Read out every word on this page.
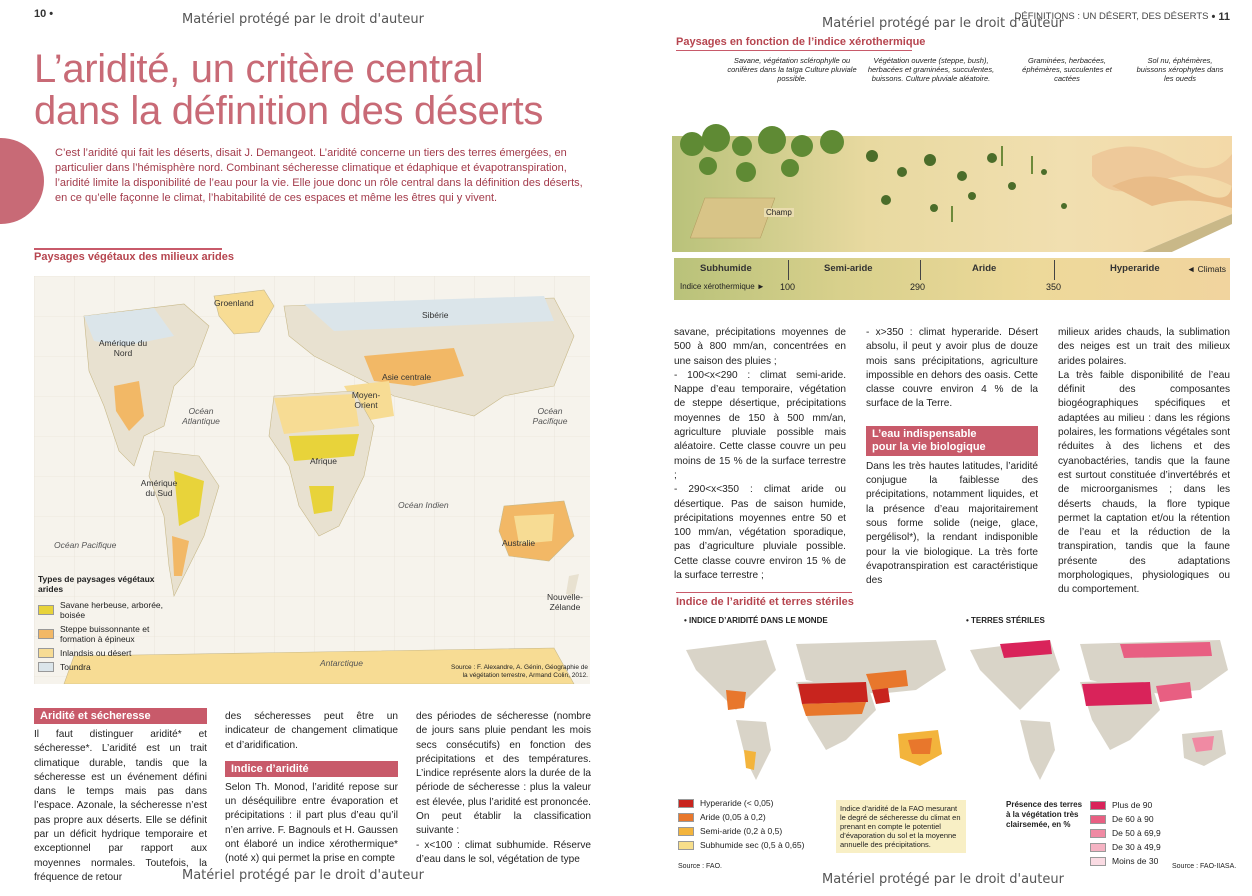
10 •	Matériel protégé par le droit d'auteur
L’aridité, un critère central
dans la définition des déserts
C’est l’aridité qui fait les déserts, disait J. Demangeot. L’aridité concerne un tiers des terres émergées, en particulier dans l’hémisphère nord. Combinant sécheresse climatique et édaphique et évapotranspiration, l’aridité limite la disponibilité de l’eau pour la vie. Elle joue donc un rôle central dans la définition des déserts, en ce qu’elle façonne le climat, l’habitabilité de ces espaces et même les êtres qui y vivent.
Paysages végétaux des milieux arides
Groenland
Sibérie
Amérique du Nord
Asie centrale
Moyen-Orient
Océan Atlantique
Océan Pacifique
Afrique
Amérique du Sud
Océan Indien
Océan Pacifique	Australie
Nouvelle-Zélande
Antarctique
Types de paysages végétaux arides
Savane herbeuse, arborée, boisée
Steppe buissonnante et formation à épineux
Inlandsis ou désert
Toundra	Source : F. Alexandre, A. Génin, Géographie de la végétation terrestre, Armand Colin, 2012.
Aridité et sécheresse
Il faut distinguer aridité* et sécheresse*. L’aridité est un trait climatique durable, tandis que la sécheresse est un événement défini dans le temps mais pas dans l’espace. Azonale, la sécheresse n’est pas propre aux déserts. Elle se définit par un déficit hydrique temporaire et exceptionnel par rapport aux moyennes normales. Toutefois, la fréquence de retour
des sécheresses peut être un indicateur de changement climatique et d’aridification.
Indice d’aridité
Selon Th. Monod, l’aridité repose sur un déséquilibre entre évaporation et précipitations : il part plus d’eau qu’il n’en arrive. F. Bagnouls et H. Gaussen ont élaboré un indice xérothermique* (noté x) qui permet la prise en compte
des périodes de sécheresse (nombre de jours sans pluie pendant les mois secs consécutifs) en fonction des précipitations et des températures. L’indice représente alors la durée de la période de sécheresse : plus la valeur est élevée, plus l’aridité est prononcée. On peut établir la classification suivante :
- x<100 : climat subhumide. Réserve d’eau dans le sol, végétation de type
Matériel protégé par le droit d'auteur
Matériel protégé par le droit d'auteur
DÉFINITIONS : UN DÉSERT, DES DÉSERTS • 11
Paysages en fonction de l’indice xérothermique
Savane, végétation sclérophylle ou conifères dans la taïga Culture pluviale possible.
Végétation ouverte (steppe, bush), herbacées et graminées, succulentes, buissons. Culture pluviale aléatoire.
Graminées, herbacées, éphémères, succulentes et cactées
Sol nu, éphémères, buissons xérophytes dans les oueds
Champ
Subhumide	Semi-aride	Aride	Hyperaride	◄ Climats
Indice xérothermique ► 100	290	350
savane, précipitations moyennes de 500 à 800 mm/an, concentrées en une saison des pluies ;
- 100<x<290 : climat semi-aride. Nappe d’eau temporaire, végétation de steppe désertique, précipitations moyennes de 150 à 500 mm/an, agriculture pluviale possible mais aléatoire. Cette classe couvre un peu moins de 15 % de la surface terrestre ;
- 290<x<350 : climat aride ou désertique. Pas de saison humide, précipitations moyennes entre 50 et 100 mm/an, végétation sporadique, pas d’agriculture pluviale possible. Cette classe couvre environ 15 % de la surface terrestre ;
- x>350 : climat hyperaride. Désert absolu, il peut y avoir plus de douze mois sans précipitations, agriculture impossible en dehors des oasis. Cette classe couvre environ 4 % de la surface de la Terre.
L’eau indispensable
pour la vie biologique
Dans les très hautes latitudes, l’aridité conjugue la faiblesse des précipitations, notamment liquides, et la présence d’eau majoritairement sous forme solide (neige, glace, pergélisol*), la rendant indisponible pour la vie biologique. La très forte évapotranspiration est caractéristique des
milieux arides chauds, la sublimation des neiges est un trait des milieux arides polaires.
La très faible disponibilité de l’eau définit des composantes biogéographiques spécifiques et adaptées au milieu : dans les régions polaires, les formations végétales sont réduites à des lichens et des cyanobactéries, tandis que la faune est surtout constituée d’invertébrés et de microorganismes ; dans les déserts chauds, la flore typique permet la captation et/ou la rétention de l’eau et la réduction de la transpiration, tandis que la faune présente des adaptations morphologiques, physiologiques ou du comportement.
Indice de l’aridité et terres stériles
• INDICE D’ARIDITÉ DANS LE MONDE	• TERRES STÉRILES
Hyperaride (< 0,05)
Aride (0,05 à 0,2)
Semi-aride (0,2 à 0,5)
Subhumide sec (0,5 à 0,65)
Source : FAO.
Indice d’aridité de la FAO mesurant le degré de sécheresse du climat en prenant en compte le potentiel d’évaporation du sol et la moyenne annuelle des précipitations.
Présence des terres à la végétation très clairsemée, en %
Plus de 90
De 60 à 90
De 50 à 69,9
De 30 à 49,9
Moins de 30
Source : FAO-IIASA.
Matériel protégé par le droit d'auteur
